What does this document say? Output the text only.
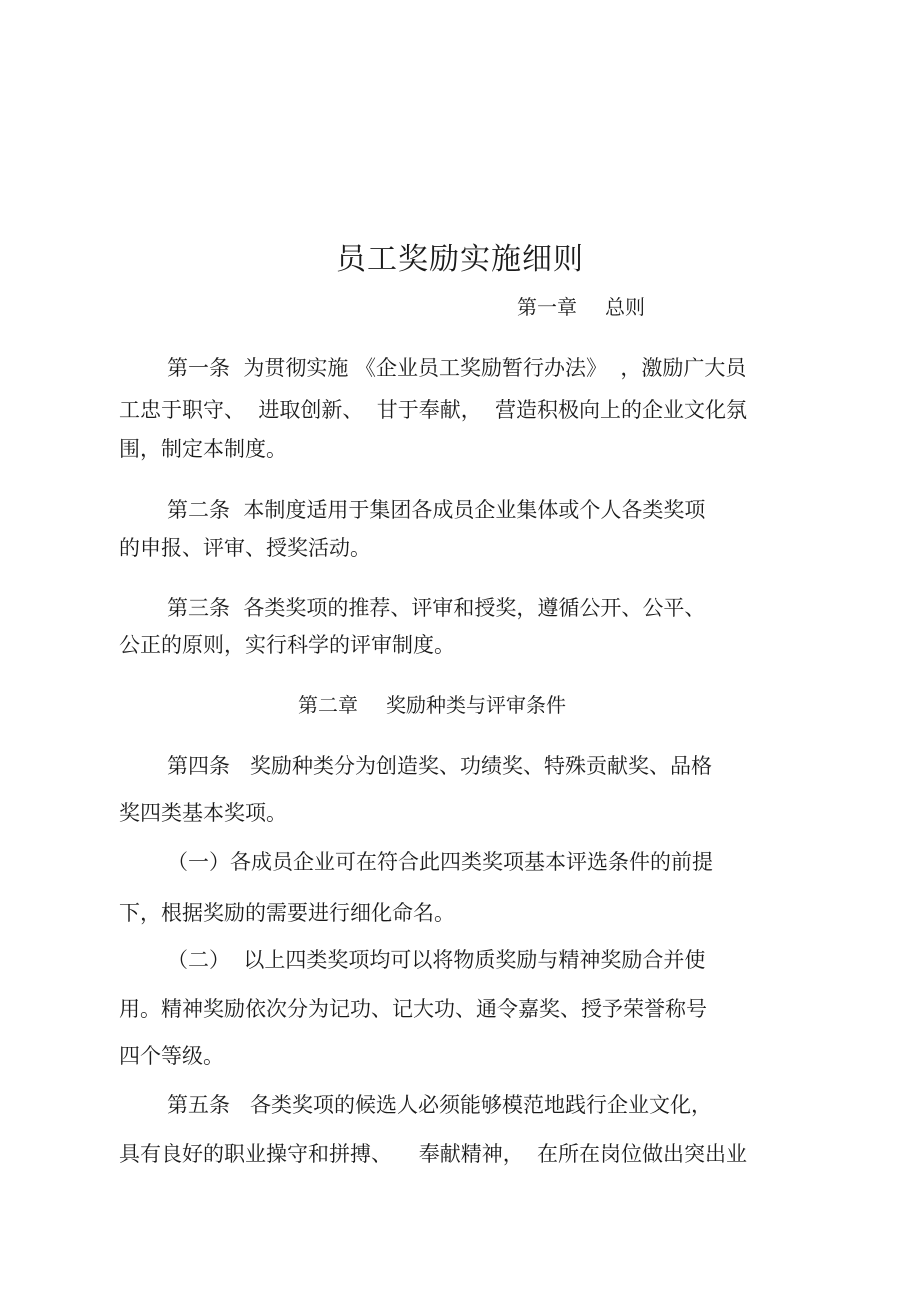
员工奖励实施细则
第一章 总则

第一条  为贯彻实施 《企业员工奖励暂行办法》  ，激励广大员

工忠于职守、  进取创新、  甘于奉献，  营造积极向上的企业文化氛

围，制定本制度。

第二条  本制度适用于集团各成员企业集体或个人各类奖项

的申报、评审、授奖活动。

第三条  各类奖项的推荐、评审和授奖，遵循公开、公平、

公正的原则，实行科学的评审制度。

第二章 奖励种类与评审条件

第四条   奖励种类分为创造奖、功绩奖、特殊贡献奖、品格

奖四类基本奖项。

（一）各成员企业可在符合此四类奖项基本评选条件的前提

下，根据奖励的需要进行细化命名。

（二）  以上四类奖项均可以将物质奖励与精神奖励合并使

用。精神奖励依次分为记功、记大功、通令嘉奖、授予荣誉称号

四个等级。

第五条   各类奖项的候选人必须能够模范地践行企业文化，

具有良好的职业操守和拼搏、    奉献精神，  在所在岗位做出突出业
